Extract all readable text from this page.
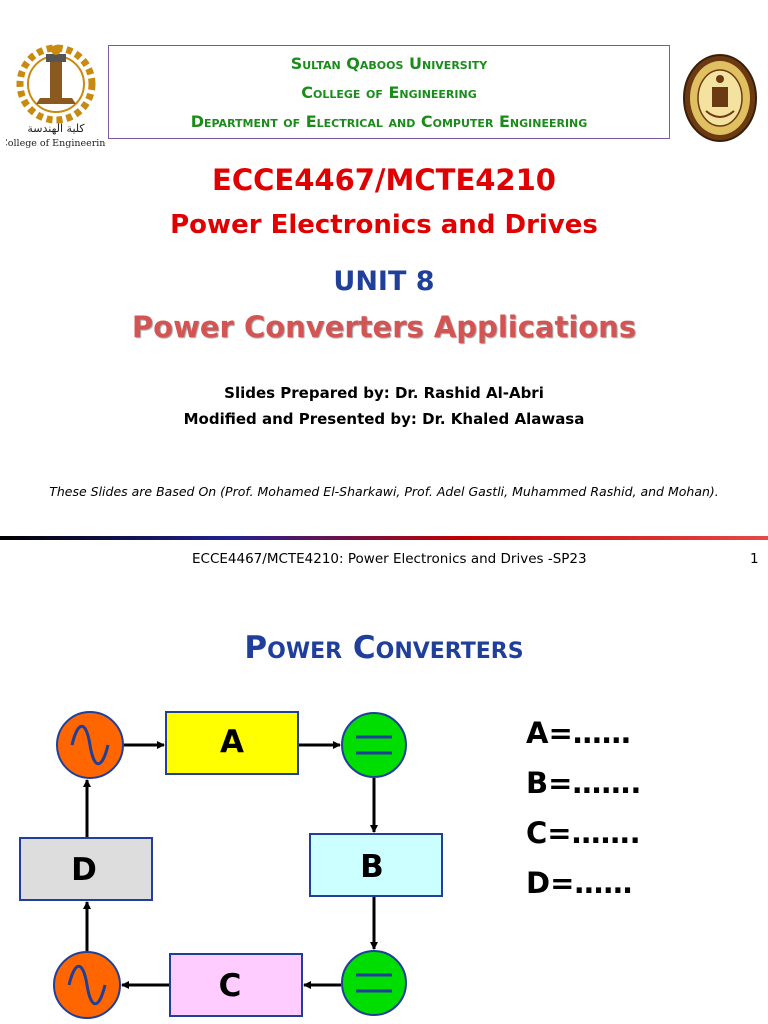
كلية الهندسة
College of Engineering
Sultan Qaboos University
College of Engineering
Department of Electrical and Computer Engineering
ECCE4467/MCTE4210
Power Electronics and Drives
UNIT 8
Power Converters Applications
Slides Prepared by: Dr. Rashid Al-Abri
Modified and Presented by: Dr. Khaled Alawasa
These Slides are Based On (Prof. Mohamed El-Sharkawi, Prof. Adel Gastli, Muhammed Rashid, and Mohan).
ECCE4467/MCTE4210: Power Electronics and Drives -SP23	1
Power Converters
A
B
C
D
A=……
B=…….
C=…….
D=……
